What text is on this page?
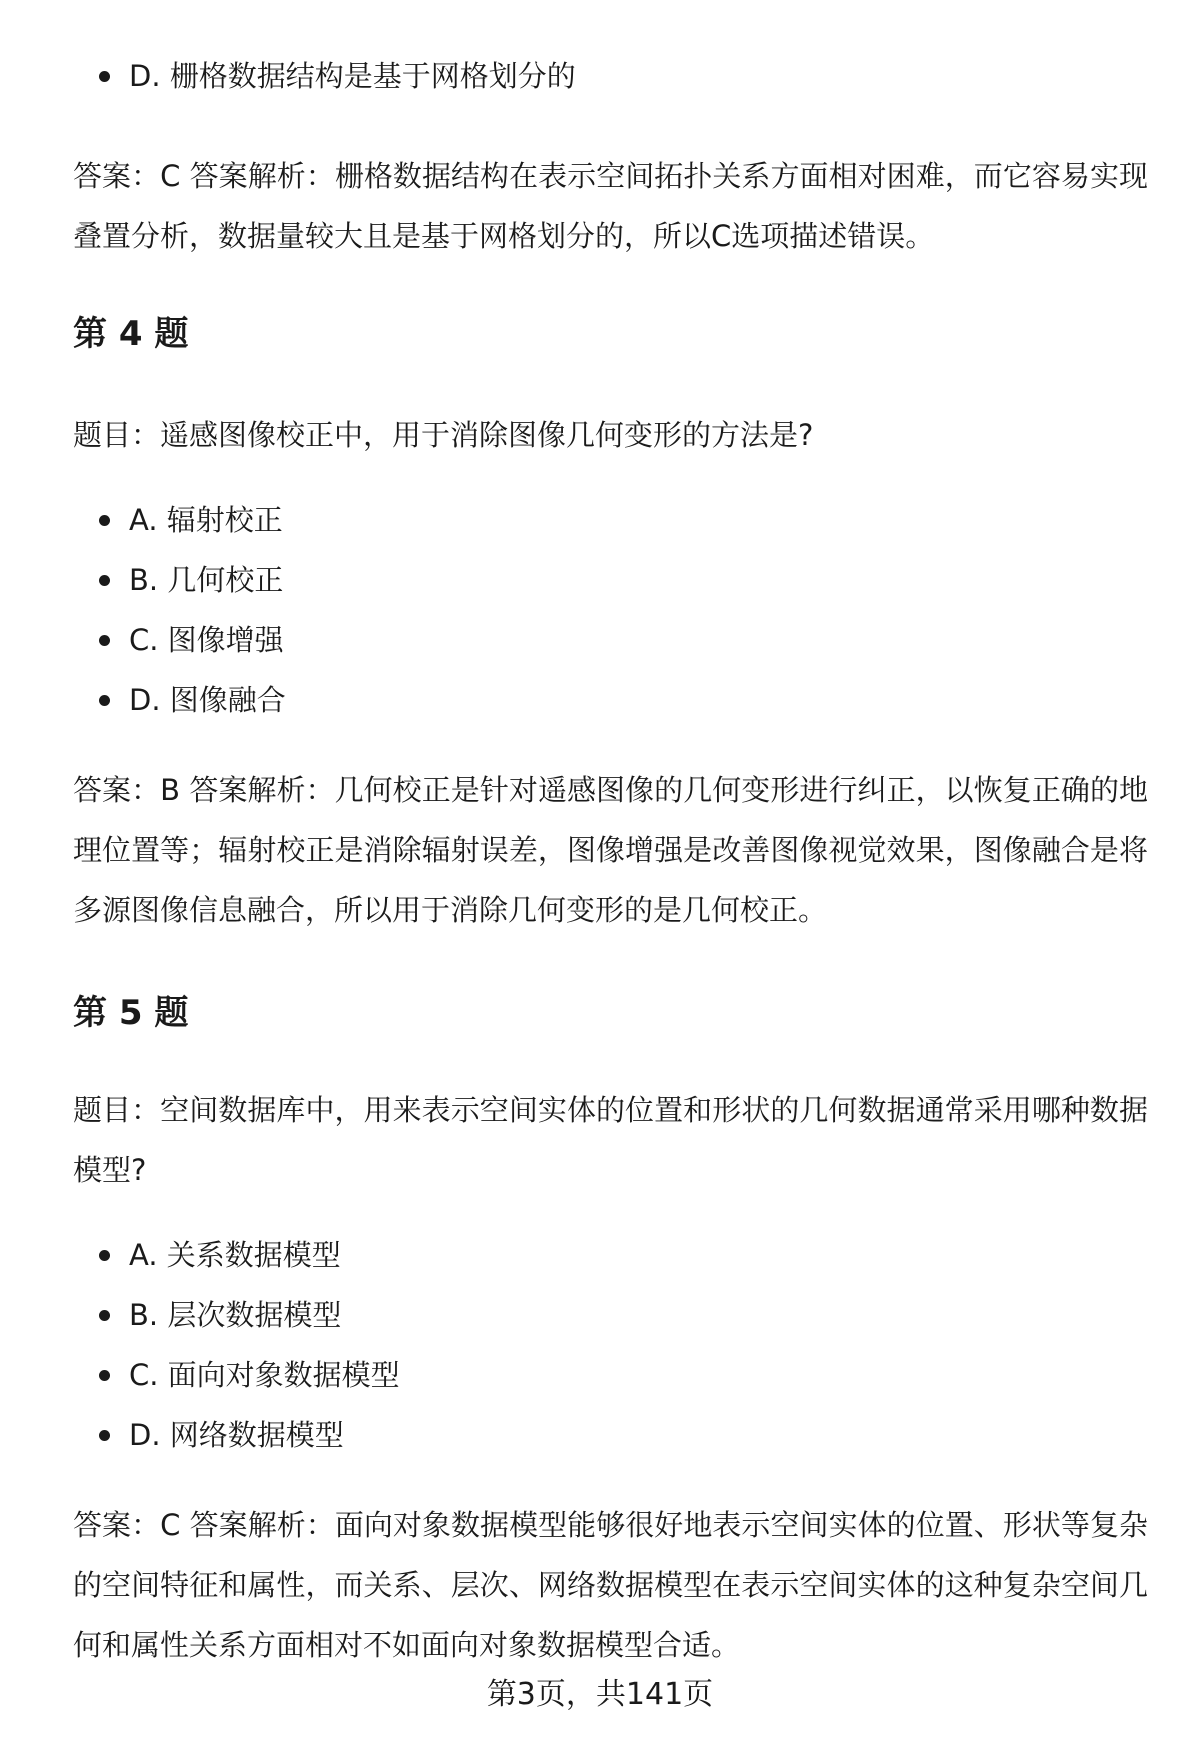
D. 栅格数据结构是基于网格划分的

答案：C 答案解析：栅格数据结构在表示空间拓扑关系方面相对困难，而它容易实现叠置分析，数据量较大且是基于网格划分的，所以C选项描述错误。

第 4 题

题目：遥感图像校正中，用于消除图像几何变形的方法是?

A. 辐射校正
B. 几何校正
C. 图像增强
D. 图像融合

答案：B 答案解析：几何校正是针对遥感图像的几何变形进行纠正，以恢复正确的地理位置等；辐射校正是消除辐射误差，图像增强是改善图像视觉效果，图像融合是将多源图像信息融合，所以用于消除几何变形的是几何校正。

第 5 题

题目：空间数据库中，用来表示空间实体的位置和形状的几何数据通常采用哪种数据模型?

A. 关系数据模型
B. 层次数据模型
C. 面向对象数据模型
D. 网络数据模型

答案：C 答案解析：面向对象数据模型能够很好地表示空间实体的位置、形状等复杂的空间特征和属性，而关系、层次、网络数据模型在表示空间实体的这种复杂空间几何和属性关系方面相对不如面向对象数据模型合适。

第3页，共141页
